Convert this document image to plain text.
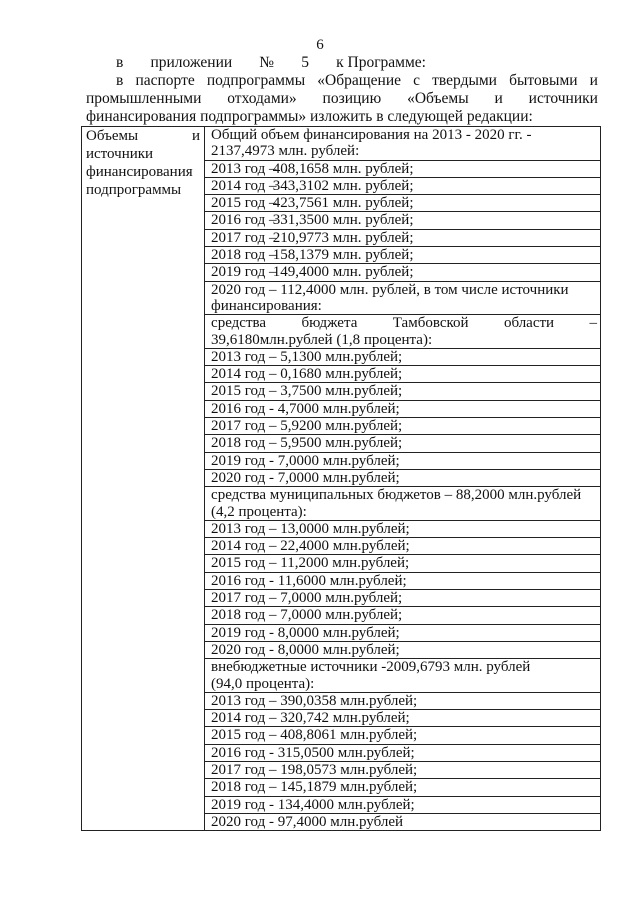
6
в приложении № 5 к Программе:
в паспорте подпрограммы «Обращение с твердыми бытовыми и
промышленными отходами» позицию «Объемы и источники
финансирования подпрограммы» изложить в следующей редакции:
Объемы	и
источники
финансирования
подпрограммы

Общий объем финансирования на 2013 - 2020 гг. -
2137,4973 млн. рублей:
2013 год – 408,1658 млн. рублей;
2014 год – 343,3102 млн. рублей;
2015 год – 423,7561 млн. рублей;
2016 год – 331,3500 млн. рублей;
2017 год – 210,9773 млн. рублей;
2018 год – 158,1379 млн. рублей;
2019 год – 149,4000 млн. рублей;
2020 год – 112,4000 млн. рублей, в том числе источники
финансирования:
средства бюджета Тамбовской области –
39,6180млн.рублей (1,8 процента):
2013 год – 5,1300 млн.рублей;
2014 год – 0,1680 млн.рублей;
2015 год – 3,7500 млн.рублей;
2016 год - 4,7000 млн.рублей;
2017 год – 5,9200 млн.рублей;
2018 год – 5,9500 млн.рублей;
2019 год - 7,0000 млн.рублей;
2020 год - 7,0000 млн.рублей;
средства муниципальных бюджетов – 88,2000 млн.рублей
(4,2 процента):
2013 год – 13,0000 млн.рублей;
2014 год – 22,4000 млн.рублей;
2015 год – 11,2000 млн.рублей;
2016 год - 11,6000 млн.рублей;
2017 год – 7,0000 млн.рублей;
2018 год – 7,0000 млн.рублей;
2019 год - 8,0000 млн.рублей;
2020 год - 8,0000 млн.рублей;
внебюджетные источники -2009,6793 млн. рублей
(94,0 процента):
2013 год – 390,0358 млн.рублей;
2014 год – 320,742 млн.рублей;
2015 год – 408,8061 млн.рублей;
2016 год - 315,0500 млн.рублей;
2017 год – 198,0573 млн.рублей;
2018 год – 145,1879 млн.рублей;
2019 год - 134,4000 млн.рублей;
2020 год - 97,4000 млн.рублей
